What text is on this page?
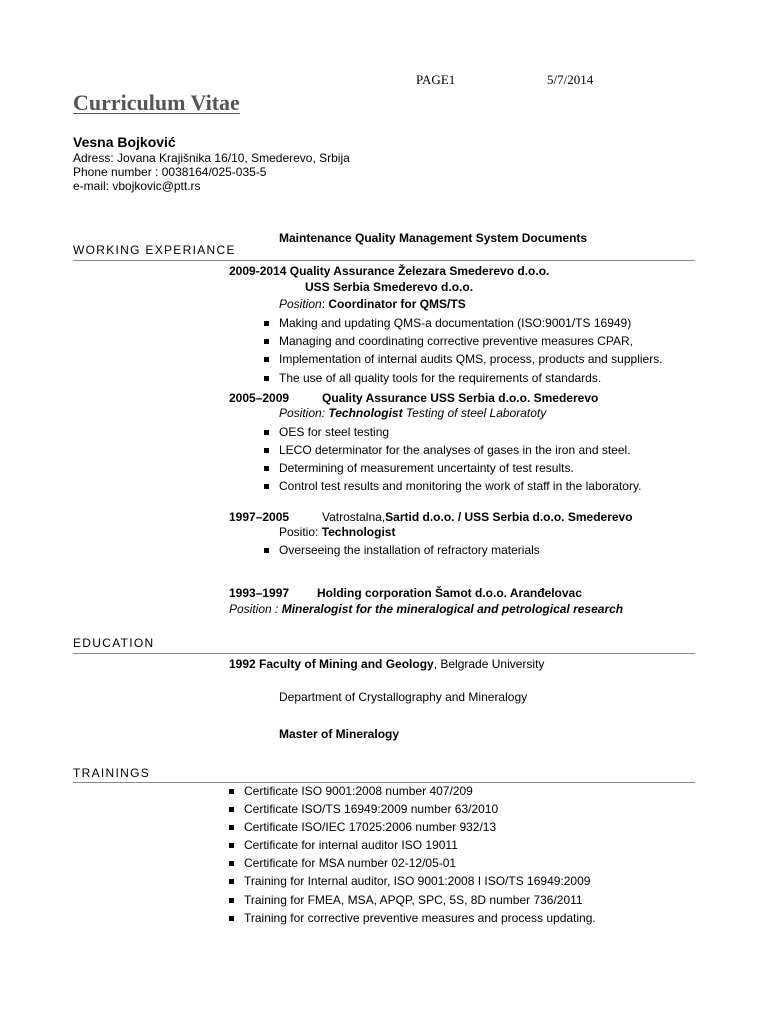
PAGE1	5/7/2014
Curriculum Vitae
Vesna Bojković
Adress: Jovana Krajišnika 16/10, Smederevo, Srbija
Phone number : 0038164/025-035-5
e-mail: vbojkovic@ptt.rs
Maintenance Quality Management System Documents
WORKING EXPERIANCE
2009-2014 Quality Assurance Železara Smederevo d.o.o.
USS Serbia Smederevo d.o.o.
Position: Coordinator for QMS/TS
Making and updating QMS-a documentation (ISO:9001/TS 16949)
Managing and coordinating corrective preventive measures CPAR,
Implementation of internal audits QMS, process, products and suppliers.
The use of all quality tools for the requirements of standards.
2005–2009	Quality Assurance USS Serbia d.o.o. Smederevo
Position: Technologist Testing of steel Laboratoty
OES for steel testing
LECO determinator for the analyses of gases in the iron and steel.
Determining of measurement uncertainty of test results.
Control test results and monitoring the work of staff in the laboratory.
1997–2005	Vatrostalna,Sartid d.o.o. / USS Serbia d.o.o. Smederevo
Positio: Technologist
Overseeing the installation of refractory materials
1993–1997 Holding corporation Šamot d.o.o. Aranđelovac
Position : Mineralogist for the mineralogical and petrological research
EDUCATION
1992 Faculty of Mining and Geology, Belgrade University
Department of Crystallography and Mineralogy
Master of Mineralogy
TRAININGS
Certificate ISO 9001:2008 number 407/209
Certificate ISO/TS 16949:2009 number 63/2010
Certificate ISO/IEC 17025:2006 number 932/13
Certificate for internal auditor ISO 19011
Certificate for MSA number 02-12/05-01
Training for Internal auditor, ISO 9001:2008 I ISO/TS 16949:2009
Training for FMEA, MSA, APQP, SPC, 5S, 8D number 736/2011
Training for corrective preventive measures and process updating.
